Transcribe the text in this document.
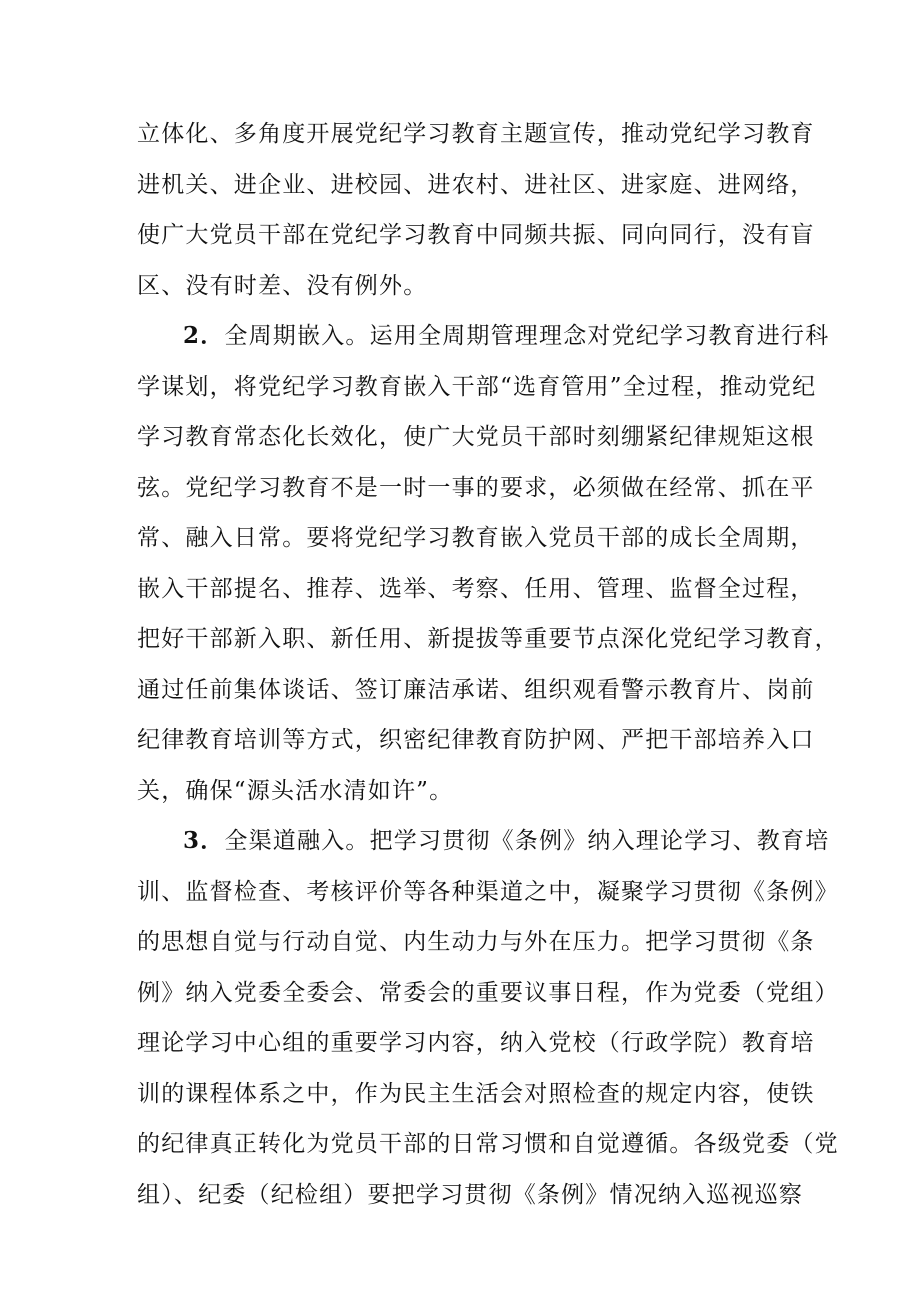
立体化、多角度开展党纪学习教育主题宣传，推动党纪学习教育
进机关、进企业、进校园、进农村、进社区、进家庭、进网络，
使广大党员干部在党纪学习教育中同频共振、同向同行，没有盲
区、没有时差、没有例外。
2．全周期嵌入。运用全周期管理理念对党纪学习教育进行科
学谋划，将党纪学习教育嵌入干部“选育管用”全过程，推动党纪
学习教育常态化长效化，使广大党员干部时刻绷紧纪律规矩这根
弦。党纪学习教育不是一时一事的要求，必须做在经常、抓在平
常、融入日常。要将党纪学习教育嵌入党员干部的成长全周期，
嵌入干部提名、推荐、选举、考察、任用、管理、监督全过程，
把好干部新入职、新任用、新提拔等重要节点深化党纪学习教育，
通过任前集体谈话、签订廉洁承诺、组织观看警示教育片、岗前
纪律教育培训等方式，织密纪律教育防护网、严把干部培养入口
关，确保“源头活水清如许”。
3．全渠道融入。把学习贯彻《条例》纳入理论学习、教育培
训、监督检查、考核评价等各种渠道之中，凝聚学习贯彻《条例》
的思想自觉与行动自觉、内生动力与外在压力。把学习贯彻《条
例》纳入党委全委会、常委会的重要议事日程，作为党委（党组）
理论学习中心组的重要学习内容，纳入党校（行政学院）教育培
训的课程体系之中，作为民主生活会对照检查的规定内容，使铁
的纪律真正转化为党员干部的日常习惯和自觉遵循。各级党委（党
组）、纪委（纪检组）要把学习贯彻《条例》情况纳入巡视巡察
